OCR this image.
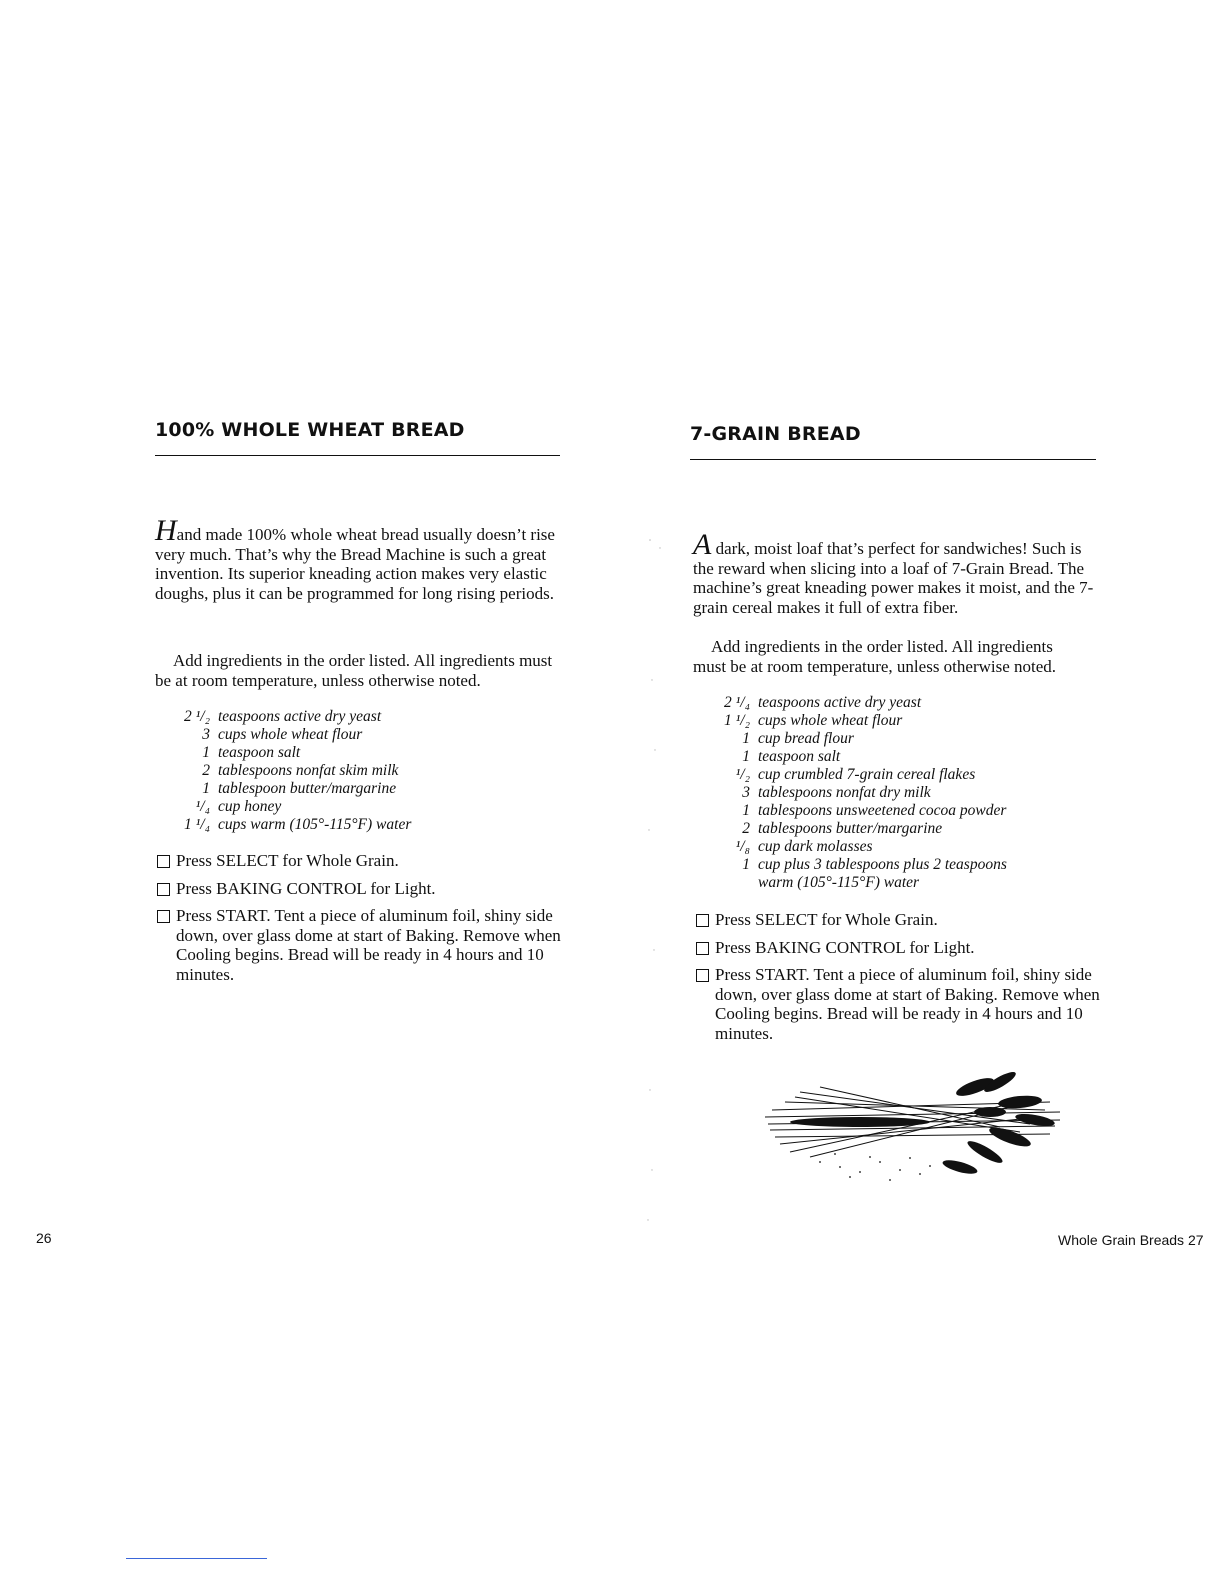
100% WHOLE WHEAT BREAD
Hand made 100% whole wheat bread usually doesn’t rise very much. That’s why the Bread Machine is such a great invention. Its superior kneading action makes very elastic doughs, plus it can be programmed for long rising periods.
Add ingredients in the order listed. All ingredients must be at room temperature, unless otherwise noted.
2 ¹/₂ teaspoons active dry yeast
3 cups whole wheat flour
1 teaspoon salt
2 tablespoons nonfat skim milk
1 tablespoon butter/margarine
¹/₄ cup honey
1 ¹/₄ cups warm (105°-115°F) water
Press SELECT for Whole Grain.
Press BAKING CONTROL for Light.
Press START. Tent a piece of aluminum foil, shiny side down, over glass dome at start of Baking. Remove when Cooling begins. Bread will be ready in 4 hours and 10 minutes.
26
7-GRAIN BREAD
A dark, moist loaf that’s perfect for sandwiches! Such is the reward when slicing into a loaf of 7-Grain Bread. The machine’s great kneading power makes it moist, and the 7-grain cereal makes it full of extra fiber.
Add ingredients in the order listed. All ingredients must be at room temperature, unless otherwise noted.
2 ¹/₄ teaspoons active dry yeast
1 ¹/₂ cups whole wheat flour
1 cup bread flour
1 teaspoon salt
¹/₂ cup crumbled 7-grain cereal flakes
3 tablespoons nonfat dry milk
1 tablespoons unsweetened cocoa powder
2 tablespoons butter/margarine
¹/₈ cup dark molasses
1 cup plus 3 tablespoons plus 2 teaspoons warm (105°-115°F) water
Press SELECT for Whole Grain.
Press BAKING CONTROL for Light.
Press START. Tent a piece of aluminum foil, shiny side down, over glass dome at start of Baking. Remove when Cooling begins. Bread will be ready in 4 hours and 10 minutes.
Whole Grain Breads 27
